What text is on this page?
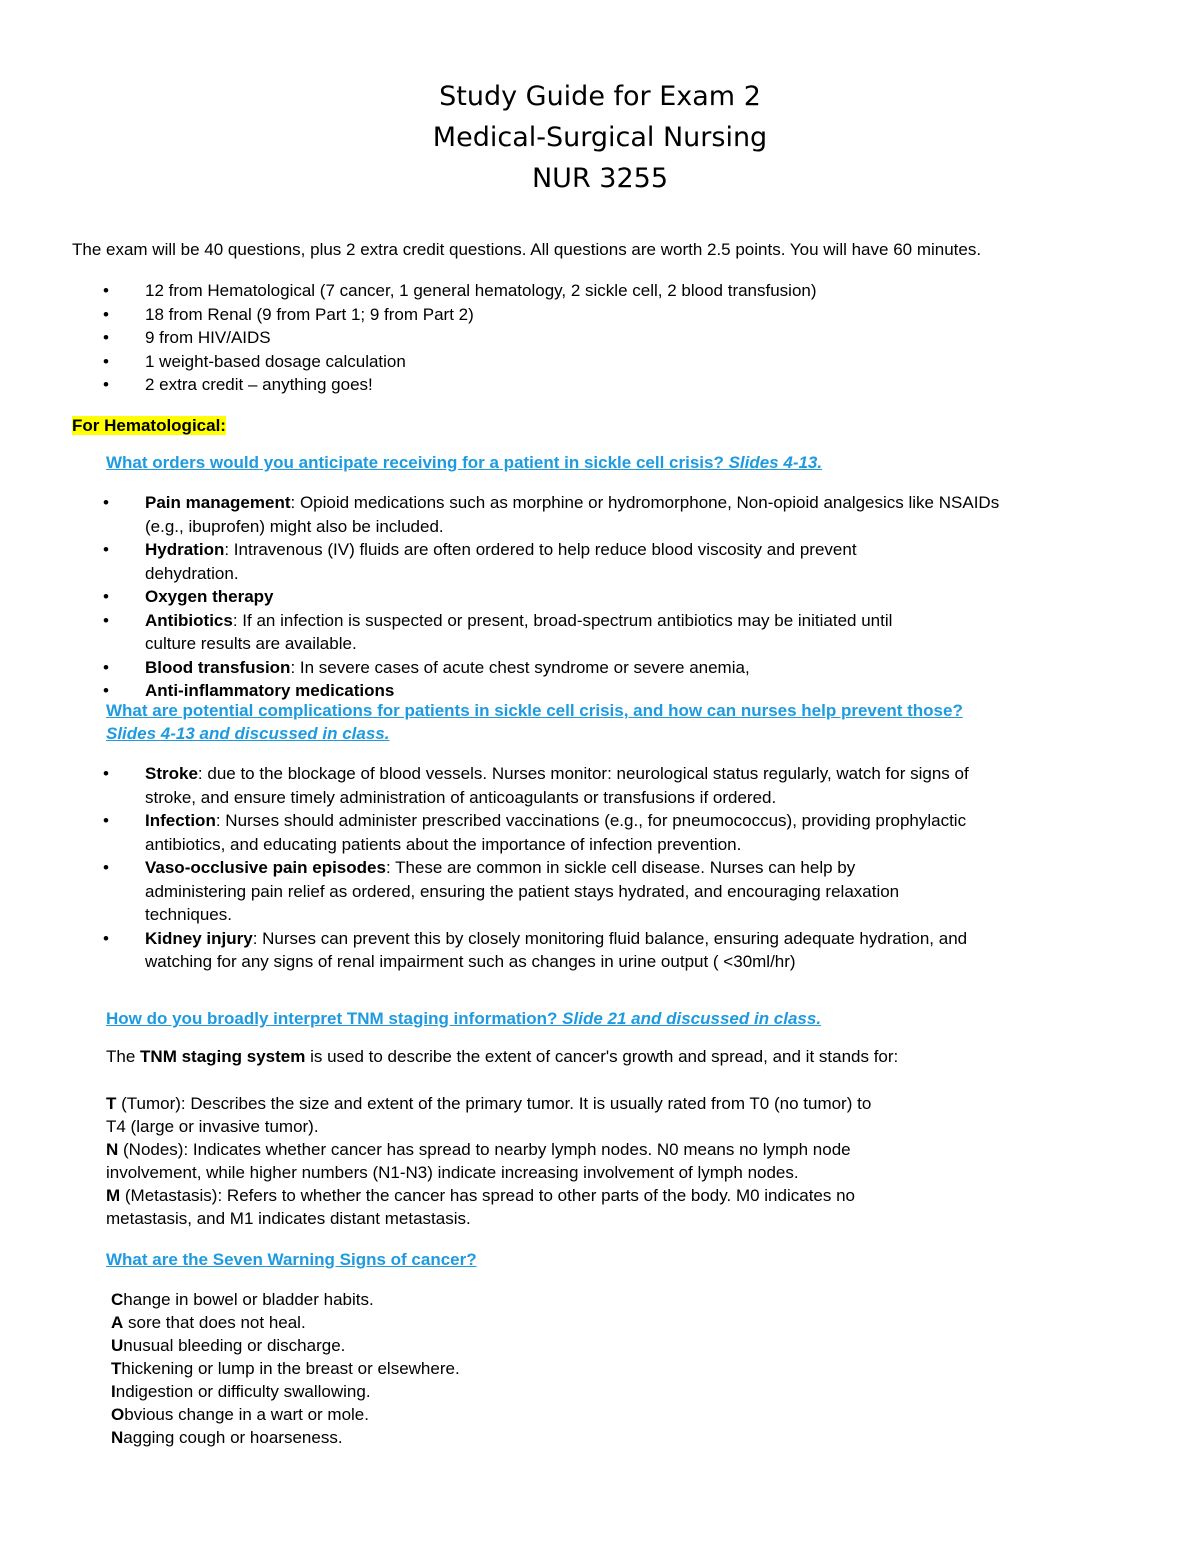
Study Guide for Exam 2
Medical-Surgical Nursing
NUR 3255
The exam will be 40 questions, plus 2 extra credit questions. All questions are worth 2.5 points. You will have 60 minutes.
• 12 from Hematological (7 cancer, 1 general hematology, 2 sickle cell, 2 blood transfusion)
• 18 from Renal (9 from Part 1; 9 from Part 2)
• 9 from HIV/AIDS
• 1 weight-based dosage calculation
• 2 extra credit – anything goes!
For Hematological:
What orders would you anticipate receiving for a patient in sickle cell crisis? Slides 4-13.
• Pain management: Opioid medications such as morphine or hydromorphone, Non-opioid analgesics like NSAIDs
(e.g., ibuprofen) might also be included.
• Hydration: Intravenous (IV) fluids are often ordered to help reduce blood viscosity and prevent
dehydration.
• Oxygen therapy
• Antibiotics: If an infection is suspected or present, broad-spectrum antibiotics may be initiated until
culture results are available.
• Blood transfusion: In severe cases of acute chest syndrome or severe anemia,
• Anti-inflammatory medications
What are potential complications for patients in sickle cell crisis, and how can nurses help prevent those?
Slides 4-13 and discussed in class.
• Stroke: due to the blockage of blood vessels. Nurses monitor: neurological status regularly, watch for signs of
stroke, and ensure timely administration of anticoagulants or transfusions if ordered.
• Infection: Nurses should administer prescribed vaccinations (e.g., for pneumococcus), providing prophylactic
antibiotics, and educating patients about the importance of infection prevention.
• Vaso-occlusive pain episodes: These are common in sickle cell disease. Nurses can help by
administering pain relief as ordered, ensuring the patient stays hydrated, and encouraging relaxation
techniques.
• Kidney injury: Nurses can prevent this by closely monitoring fluid balance, ensuring adequate hydration, and
watching for any signs of renal impairment such as changes in urine output ( <30ml/hr)
How do you broadly interpret TNM staging information? Slide 21 and discussed in class.
The TNM staging system is used to describe the extent of cancer's growth and spread, and it stands for:
T (Tumor): Describes the size and extent of the primary tumor. It is usually rated from T0 (no tumor) to
T4 (large or invasive tumor).
N (Nodes): Indicates whether cancer has spread to nearby lymph nodes. N0 means no lymph node
involvement, while higher numbers (N1-N3) indicate increasing involvement of lymph nodes.
M (Metastasis): Refers to whether the cancer has spread to other parts of the body. M0 indicates no
metastasis, and M1 indicates distant metastasis.
What are the Seven Warning Signs of cancer?
Change in bowel or bladder habits.
A sore that does not heal.
Unusual bleeding or discharge.
Thickening or lump in the breast or elsewhere.
Indigestion or difficulty swallowing.
Obvious change in a wart or mole.
Nagging cough or hoarseness.
